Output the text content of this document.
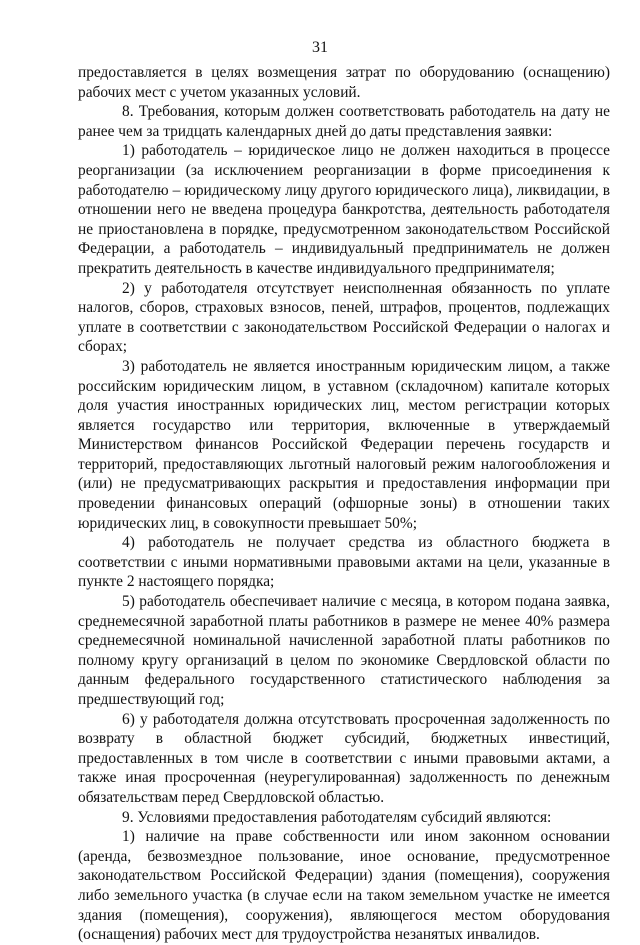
31

предоставляется в целях возмещения затрат по оборудованию (оснащению) рабочих мест с учетом указанных условий.

8. Требования, которым должен соответствовать работодатель на дату не ранее чем за тридцать календарных дней до даты представления заявки:

1) работодатель – юридическое лицо не должен находиться в процессе реорганизации (за исключением реорганизации в форме присоединения к работодателю – юридическому лицу другого юридического лица), ликвидации, в отношении него не введена процедура банкротства, деятельность работодателя не приостановлена в порядке, предусмотренном законодательством Российской Федерации, а работодатель – индивидуальный предприниматель не должен прекратить деятельность в качестве индивидуального предпринимателя;

2) у работодателя отсутствует неисполненная обязанность по уплате налогов, сборов, страховых взносов, пеней, штрафов, процентов, подлежащих уплате в соответствии с законодательством Российской Федерации о налогах и сборах;

3) работодатель не является иностранным юридическим лицом, а также российским юридическим лицом, в уставном (складочном) капитале которых доля участия иностранных юридических лиц, местом регистрации которых является государство или территория, включенные в утверждаемый Министерством финансов Российской Федерации перечень государств и территорий, предоставляющих льготный налоговый режим налогообложения и (или) не предусматривающих раскрытия и предоставления информации при проведении финансовых операций (офшорные зоны) в отношении таких юридических лиц, в совокупности превышает 50%;

4) работодатель не получает средства из областного бюджета в соответствии с иными нормативными правовыми актами на цели, указанные в пункте 2 настоящего порядка;

5) работодатель обеспечивает наличие с месяца, в котором подана заявка, среднемесячной заработной платы работников в размере не менее 40% размера среднемесячной номинальной начисленной заработной платы работников по полному кругу организаций в целом по экономике Свердловской области по данным федерального государственного статистического наблюдения за предшествующий год;

6) у работодателя должна отсутствовать просроченная задолженность по возврату в областной бюджет субсидий, бюджетных инвестиций, предоставленных в том числе в соответствии с иными правовыми актами, а также иная просроченная (неурегулированная) задолженность по денежным обязательствам перед Свердловской областью.

9. Условиями предоставления работодателям субсидий являются:

1) наличие на праве собственности или ином законном основании (аренда, безвозмездное пользование, иное основание, предусмотренное законодательством Российской Федерации) здания (помещения), сооружения либо земельного участка (в случае если на таком земельном участке не имеется здания (помещения), сооружения), являющегося местом оборудования (оснащения) рабочих мест для трудоустройства незанятых инвалидов.
